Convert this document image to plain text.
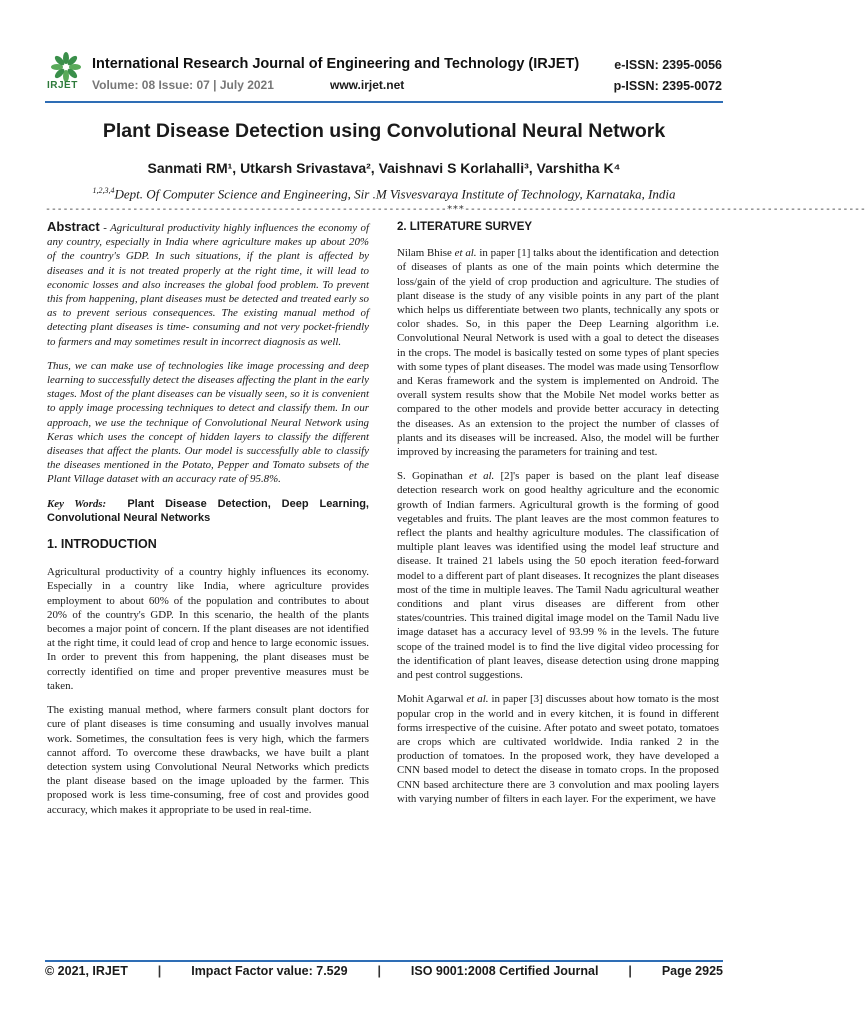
IRJET
International Research Journal of Engineering and Technology (IRJET)
Volume: 08 Issue: 07 | July 2021	www.irjet.net
e-ISSN: 2395-0056
p-ISSN: 2395-0072
Plant Disease Detection using Convolutional Neural Network
Sanmati RM¹, Utkarsh Srivastava², Vaishnavi S Korlahalli³, Varshitha K⁴
$^{1,2,3,4}$Dept. Of Computer Science and Engineering, Sir .M Visvesvaraya Institute of Technology, Karnataka, India
---------------------------------------------------------------------***---------------------------------------------------------------------

Abstract - Agricultural productivity highly influences the economy of any country, especially in India where agriculture makes up about 20% of the country's GDP. In such situations, if the plant is affected by diseases and it is not treated properly at the right time, it will lead to economic losses and also increases the global food problem. To prevent this from happening, plant diseases must be detected and treated early so as to prevent serious consequences. The existing manual method of detecting plant diseases is time- consuming and not very pocket-friendly to farmers and may sometimes result in incorrect diagnosis as well.

Thus, we can make use of technologies like image processing and deep learning to successfully detect the diseases affecting the plant in the early stages. Most of the plant diseases can be visually seen, so it is convenient to apply image processing techniques to detect and classify them. In our approach, we use the technique of Convolutional Neural Network using Keras which uses the concept of hidden layers to classify the different diseases that affect the plants. Our model is successfully able to classify the diseases mentioned in the Potato, Pepper and Tomato subsets of the Plant Village dataset with an accuracy rate of 95.8%.

Key Words:  Plant Disease Detection, Deep Learning, Convolutional Neural Networks

1. INTRODUCTION

Agricultural productivity of a country highly influences its economy. Especially in a country like India, where agriculture provides employment to about 60% of the population and contributes to about 20% of the country's GDP. In this scenario, the health of the plants becomes a major point of concern. If the plant diseases are not identified at the right time, it could lead of crop and hence to large economic issues. In order to prevent this from happening, the plant diseases must be correctly identified on time and proper preventive measures must be taken.

The existing manual method, where farmers consult plant doctors for cure of plant diseases is time consuming and usually involves manual work. Sometimes, the consultation fees is very high, which the farmers cannot afford. To overcome these drawbacks, we have built a plant detection system using Convolutional Neural Networks which predicts the plant disease based on the image uploaded by the farmer. This proposed work is less time-consuming, free of cost and provides good accuracy, which makes it appropriate to be used in real-time.

2. LITERATURE SURVEY

Nilam Bhise et al. in paper [1] talks about the identification and detection of diseases of plants as one of the main points which determine the loss/gain of the yield of crop production and agriculture. The studies of plant disease is the study of any visible points in any part of the plant which helps us differentiate between two plants, technically any spots or color shades. So, in this paper the Deep Learning algorithm i.e. Convolutional Neural Network is used with a goal to detect the diseases in the crops. The model is basically tested on some types of plant species with some types of plant diseases. The model was made using Tensorflow and Keras framework and the system is implemented on Android. The overall system results show that the Mobile Net model works better as compared to the other models and provide better accuracy in detecting the diseases. As an extension to the project the number of classes of plants and its diseases will be increased. Also, the model will be further improved by increasing the parameters for training and test.

S. Gopinathan et al. [2]'s paper is based on the plant leaf disease detection research work on good healthy agriculture and the economic growth of Indian farmers. Agricultural growth is the forming of good vegetables and fruits. The plant leaves are the most common features to reflect the plants and healthy agriculture modules. The classification of multiple plant leaves was identified using the model leaf structure and disease. It trained 21 labels using the 50 epoch iteration feed-forward model to a different part of plant diseases. It recognizes the plant diseases most of the time in multiple leaves. The Tamil Nadu agricultural weather conditions and plant virus diseases are different from other states/countries. This trained digital image model on the Tamil Nadu live image dataset has a accuracy level of 93.99 % in the levels. The future scope of the trained model is to find the live digital video processing for the identification of plant leaves, disease detection using drone mapping and pest control suggestions.

Mohit Agarwal et al. in paper [3] discusses about how tomato is the most popular crop in the world and in every kitchen, it is found in different forms irrespective of the cuisine. After potato and sweet potato, tomatoes are crops which are cultivated worldwide. India ranked 2 in the production of tomatoes. In the proposed work, they have developed a CNN based model to detect the disease in tomato crops. In the proposed CNN based architecture there are 3 convolution and max pooling layers with varying number of filters in each layer. For the experiment, we have

© 2021, IRJET | Impact Factor value: 7.529 | ISO 9001:2008 Certified Journal | Page 2925
